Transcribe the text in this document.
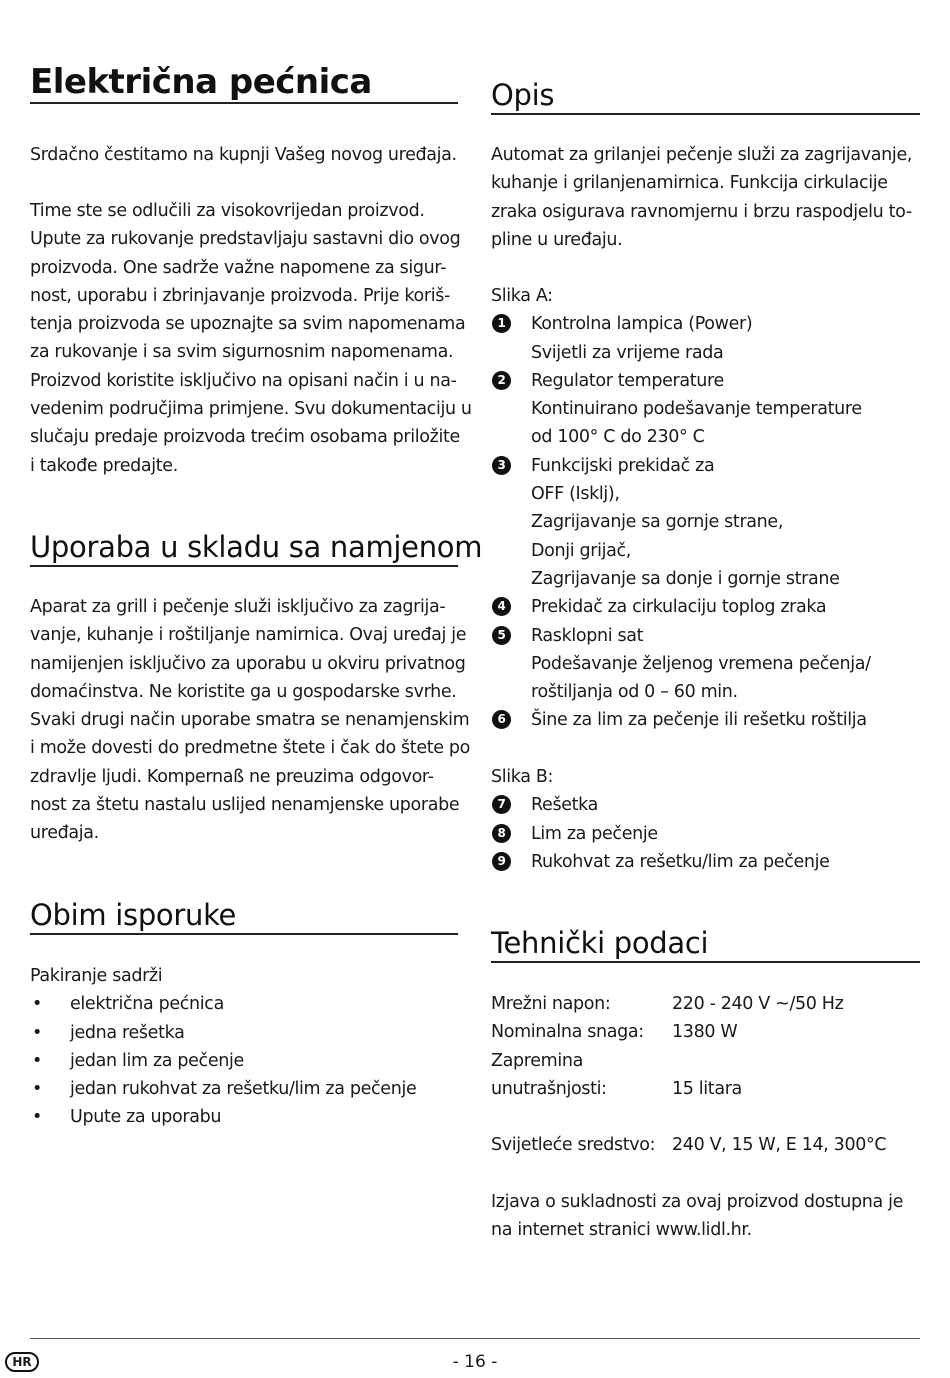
Električna pećnica

Srdačno čestitamo na kupnji Vašeg novog uređaja.

Time ste se odlučili za visokovrijedan proizvod.
Upute za rukovanje predstavljaju sastavni dio ovog
proizvoda. One sadrže važne napomene za sigur-
nost, uporabu i zbrinjavanje proizvoda. Prije koriš-
tenja proizvoda se upoznajte sa svim napomenama
za rukovanje i sa svim sigurnosnim napomenama.
Proizvod koristite isključivo na opisani način i u na-
vedenim područjima primjene. Svu dokumentaciju u
slučaju predaje proizvoda trećim osobama priložite
i takođe predajte.

Uporaba u skladu sa namjenom

Aparat za grill i pečenje služi isključivo za zagrija-
vanje, kuhanje i roštiljanje namirnica. Ovaj uređaj je
namijenjen isključivo za uporabu u okviru privatnog
domaćinstva. Ne koristite ga u gospodarske svrhe.
Svaki drugi način uporabe smatra se nenamjenskim
i može dovesti do predmetne štete i čak do štete po
zdravlje ljudi. Kompernaß ne preuzima odgovor-
nost za štetu nastalu uslijed nenamjenske uporabe
uređaja.

Obim isporuke
Pakiranje sadrži
• električna pećnica
• jedna rešetka
• jedan lim za pečenje
• jedan rukohvat za rešetku/lim za pečenje
• Upute za uporabu
Opis

Automat za grilanjei pečenje služi za zagrijavanje,
kuhanje i grilanjenamirnica. Funkcija cirkulacije
zraka osigurava ravnomjernu i brzu raspodjelu to-
pline u uređaju.

Slika A:
1	Kontrolna lampica (Power)
Svijetli za vrijeme rada
2	Regulator temperature
Kontinuirano podešavanje temperature
od 100° C do 230° C
3	Funkcijski prekidač za
OFF (Isklj),
Zagrijavanje sa gornje strane,
Donji grijač,
Zagrijavanje sa donje i gornje strane
4	Prekidač za cirkulaciju toplog zraka
5	Rasklopni sat
Podešavanje željenog vremena pečenja/
roštiljanja od 0 – 60 min.
6	Šine za lim za pečenje ili rešetku roštilja
Slika B:
7	Rešetka
8	Lim za pečenje
9	Rukohvat za rešetku/lim za pečenje
Tehnički podaci
Mrežni napon:	220 - 240 V ~/50 Hz
Nominalna snaga:	1380 W
Zapremina

unutrašnjosti:	15 litara
Svijetleće sredstvo: 240 V, 15 W, E 14, 300°C

Izjava o sukladnosti za ovaj proizvod dostupna je
na internet stranici www.lidl.hr.

HR	- 16 -
